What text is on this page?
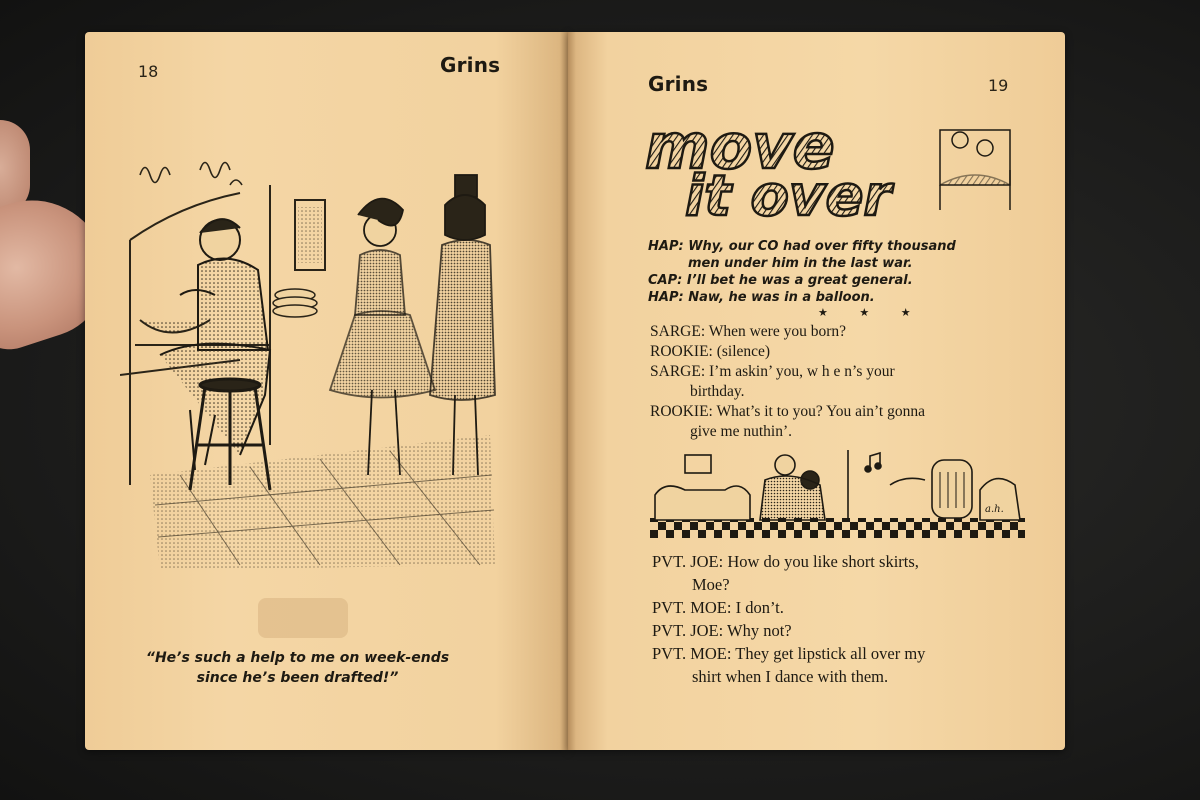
18	Grins
“He’s such a help to me on week-ends
since he’s been drafted!”
Grins	19
move
it over
HAP: Why, our CO had over fifty thousand
men under him in the last war.
CAP: I’ll bet he was a great general.
HAP: Naw, he was in a balloon.
★ ★ ★
SARGE: When were you born?
ROOKIE: (silence)
SARGE: I’m askin’ you, w h e n’s your
birthday.
ROOKIE: What’s it to you? You ain’t gonna
give me nuthin’.
a.h.
PVT. JOE: How do you like short skirts,
Moe?
PVT. MOE: I don’t.
PVT. JOE: Why not?
PVT. MOE: They get lipstick all over my
shirt when I dance with them.
